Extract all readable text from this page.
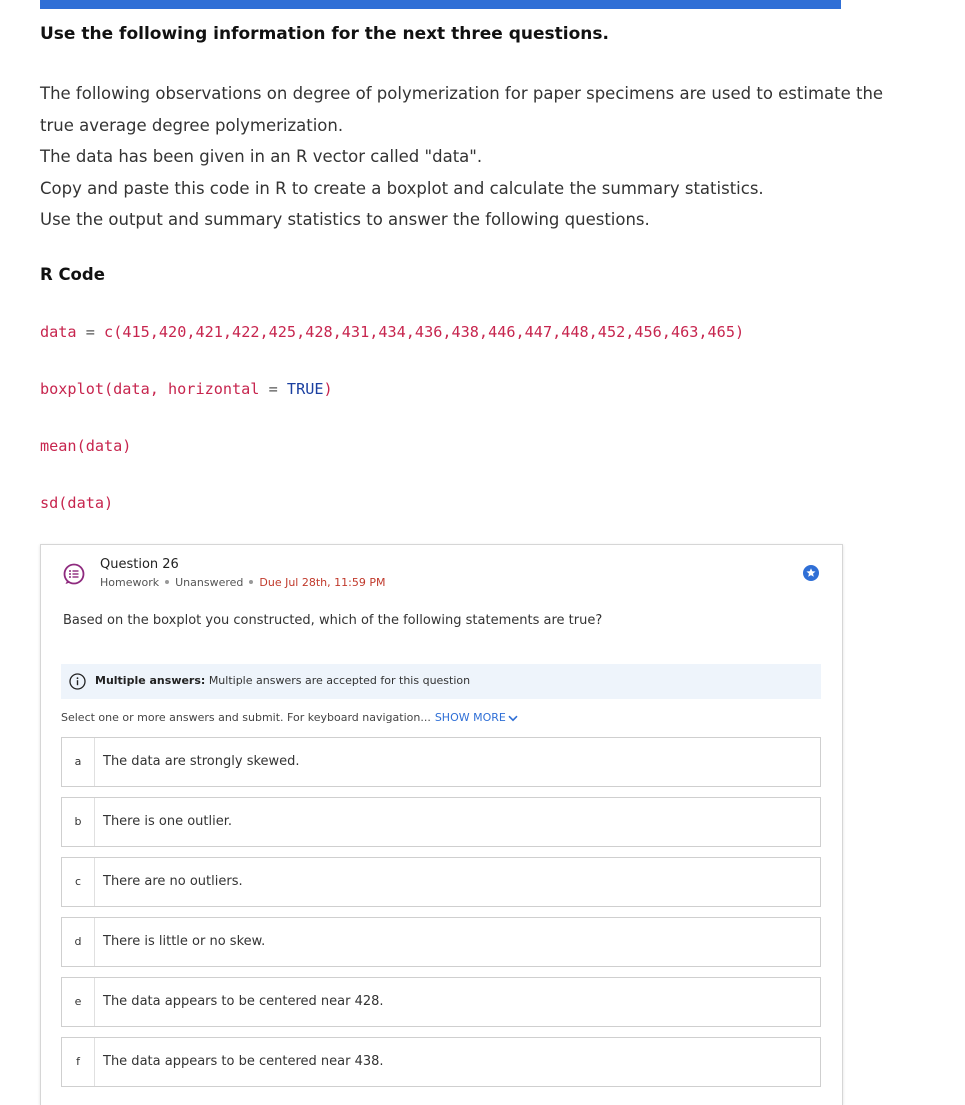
Use the following information for the next three questions.
The following observations on degree of polymerization for paper specimens are used to estimate the
true average degree polymerization.
The data has been given in an R vector called "data".
Copy and paste this code in R to create a boxplot and calculate the summary statistics.
Use the output and summary statistics to answer the following questions.
R Code
data = c(415,420,421,422,425,428,431,434,436,438,446,447,448,452,456,463,465)
boxplot(data, horizontal = TRUE)
mean(data)
sd(data)
Question 26
Homework Unanswered Due Jul 28th, 11:59 PM
Based on the boxplot you constructed, which of the following statements are true?
Multiple answers: Multiple answers are accepted for this question
Select one or more answers and submit. For keyboard navigation... SHOW MORE
a	The data are strongly skewed.
b	There is one outlier.
c	There are no outliers.
d	There is little or no skew.
e	The data appears to be centered near 428.
f	The data appears to be centered near 438.
